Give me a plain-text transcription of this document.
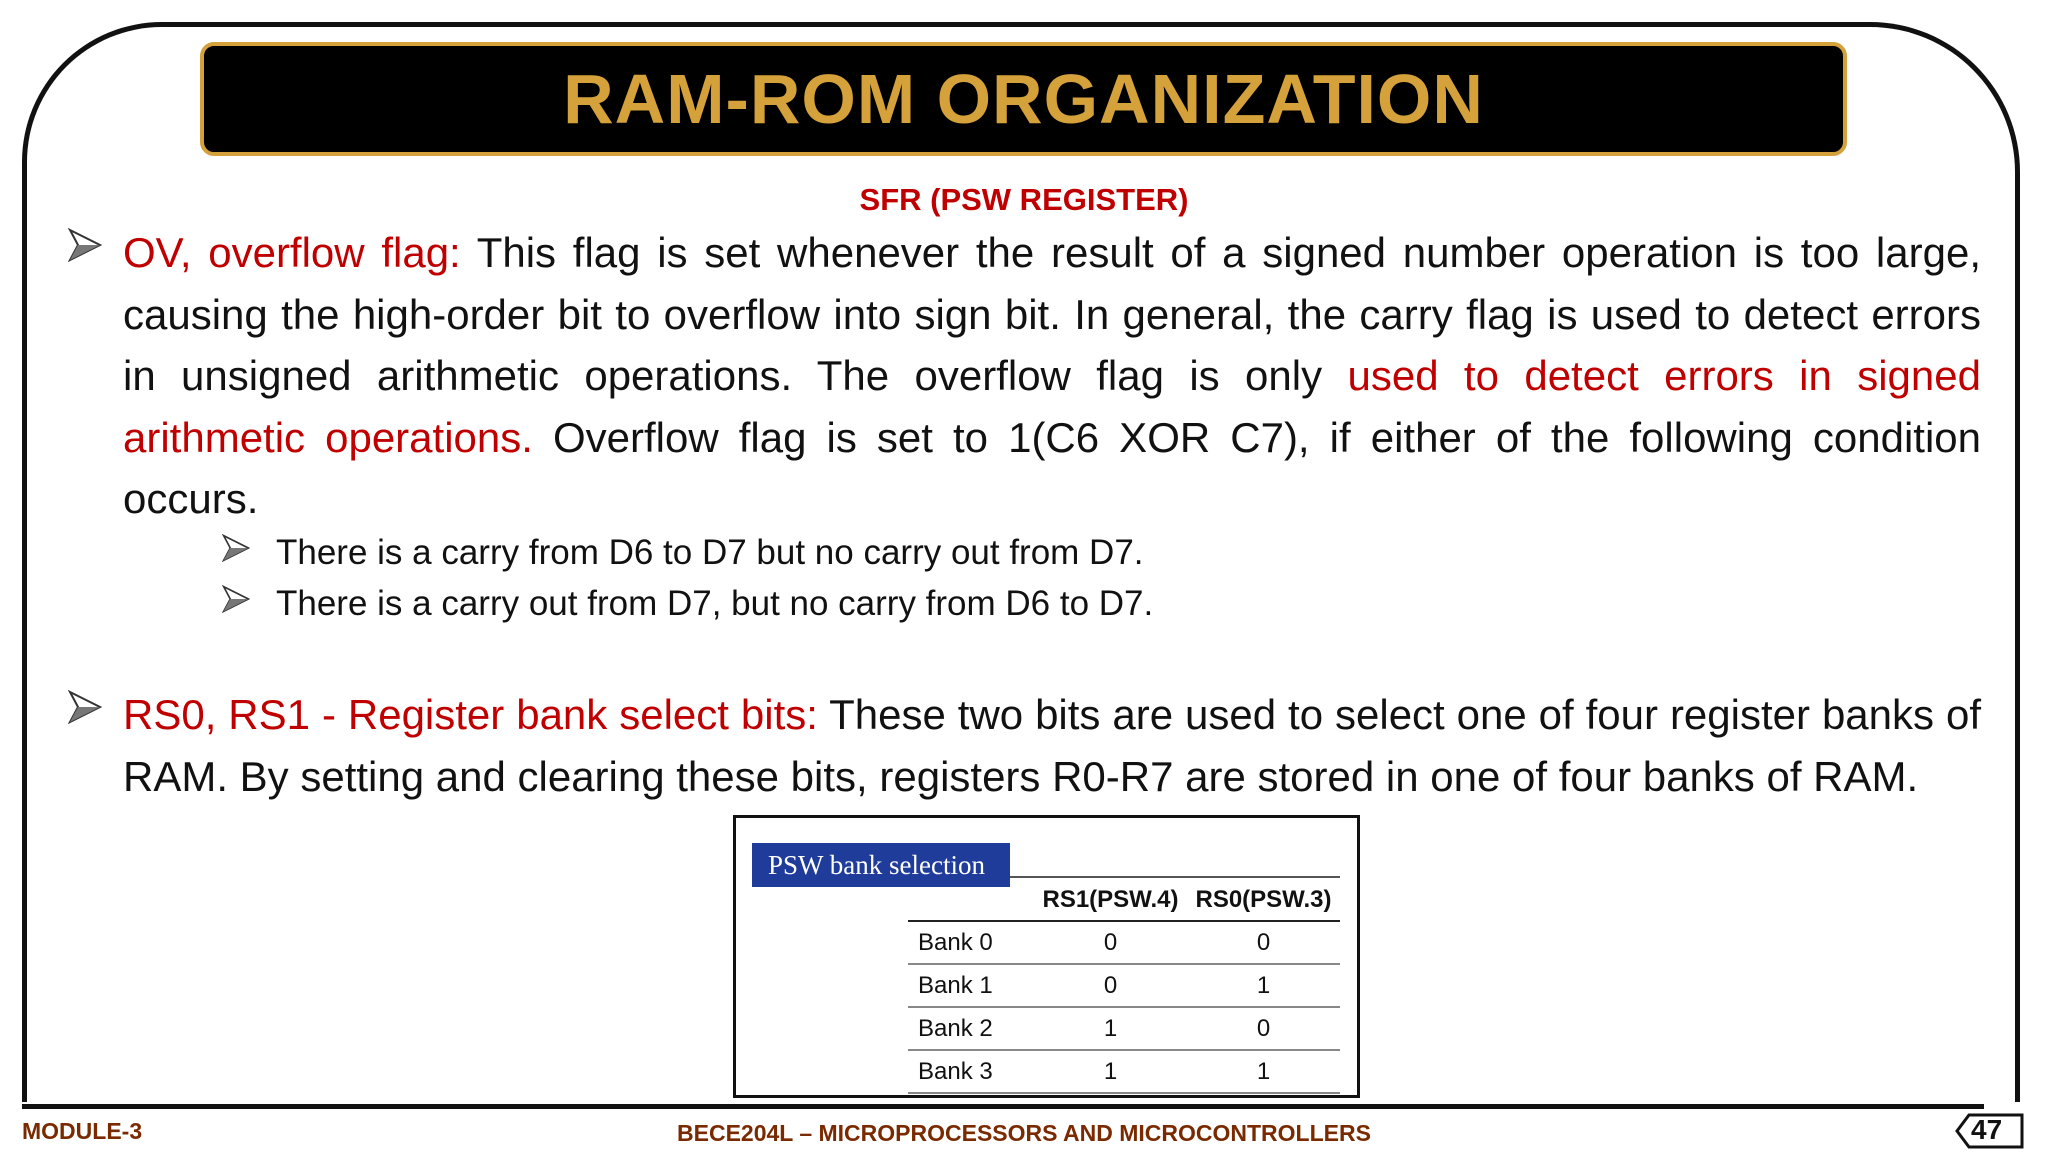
RAM-ROM ORGANIZATION
SFR (PSW REGISTER)
OV, overflow flag: This flag is set whenever the result of a signed number operation is too large, causing the high-order bit to overflow into sign bit. In general, the carry flag is used to detect errors in unsigned arithmetic operations. The overflow flag is only used to detect errors in signed arithmetic operations. Overflow flag is set to 1(C6 XOR C7), if either of the following condition occurs.
There is a carry from D6 to D7 but no carry out from D7.
There is a carry out from D7, but no carry from D6 to D7.
RS0, RS1 - Register bank select bits: These two bits are used to select one of four register banks of RAM. By setting and clearing these bits, registers R0-R7 are stored in one of four banks of RAM.
PSW bank selection
	RS1(PSW.4)	RS0(PSW.3)
Bank 0	0	0
Bank 1	0	1
Bank 2	1	0
Bank 3	1	1
MODULE-3	BECE204L – MICROPROCESSORS AND MICROCONTROLLERS	47
